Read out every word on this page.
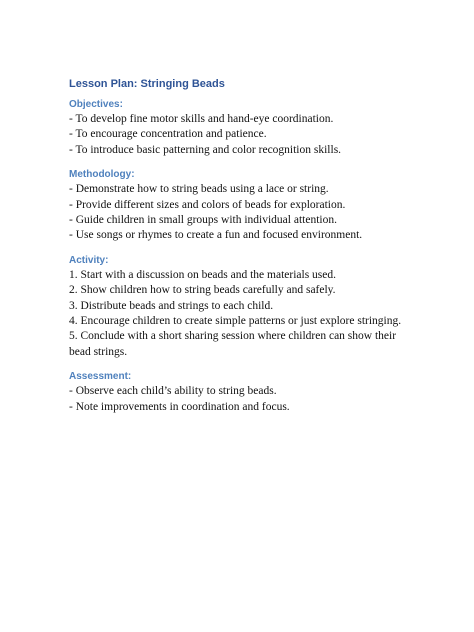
Lesson Plan: Stringing Beads
Objectives:
- To develop fine motor skills and hand-eye coordination.
- To encourage concentration and patience.
- To introduce basic patterning and color recognition skills.
Methodology:
- Demonstrate how to string beads using a lace or string.
- Provide different sizes and colors of beads for exploration.
- Guide children in small groups with individual attention.
- Use songs or rhymes to create a fun and focused environment.
Activity:
1. Start with a discussion on beads and the materials used.
2. Show children how to string beads carefully and safely.
3. Distribute beads and strings to each child.
4. Encourage children to create simple patterns or just explore stringing.
5. Conclude with a short sharing session where children can show their bead strings.
Assessment:
- Observe each child’s ability to string beads.
- Note improvements in coordination and focus.
